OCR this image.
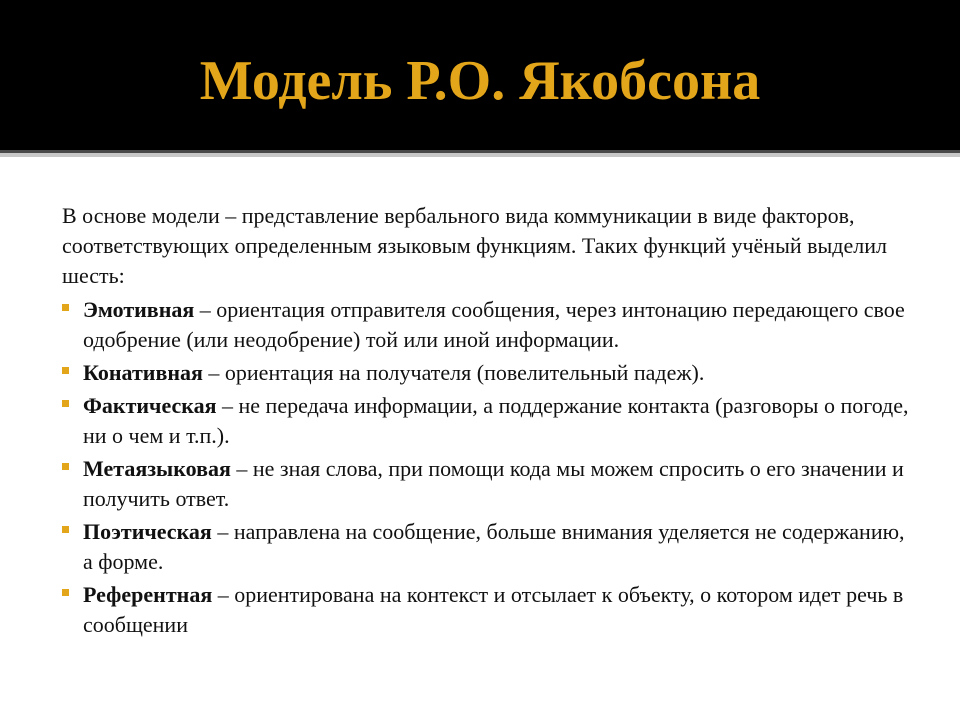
Модель Р.О. Якобсона

В основе модели – представление вербального вида коммуникации в виде факторов, соответствующих определенным языковым функциям. Таких функций учёный выделил шесть:

Эмотивная – ориентация отправителя сообщения, через интонацию передающего свое одобрение (или неодобрение) той или иной информации.
Конативная – ориентация на получателя (повелительный падеж).
Фактическая – не передача информации, а поддержание контакта (разговоры о погоде, ни о чем и т.п.).
Метаязыковая – не зная слова, при помощи кода мы можем спросить о его значении и получить ответ.
Поэтическая – направлена на сообщение, больше внимания уделяется не содержанию, а форме.
Референтная – ориентирована на контекст и отсылает к объекту, о котором идет речь в сообщении
